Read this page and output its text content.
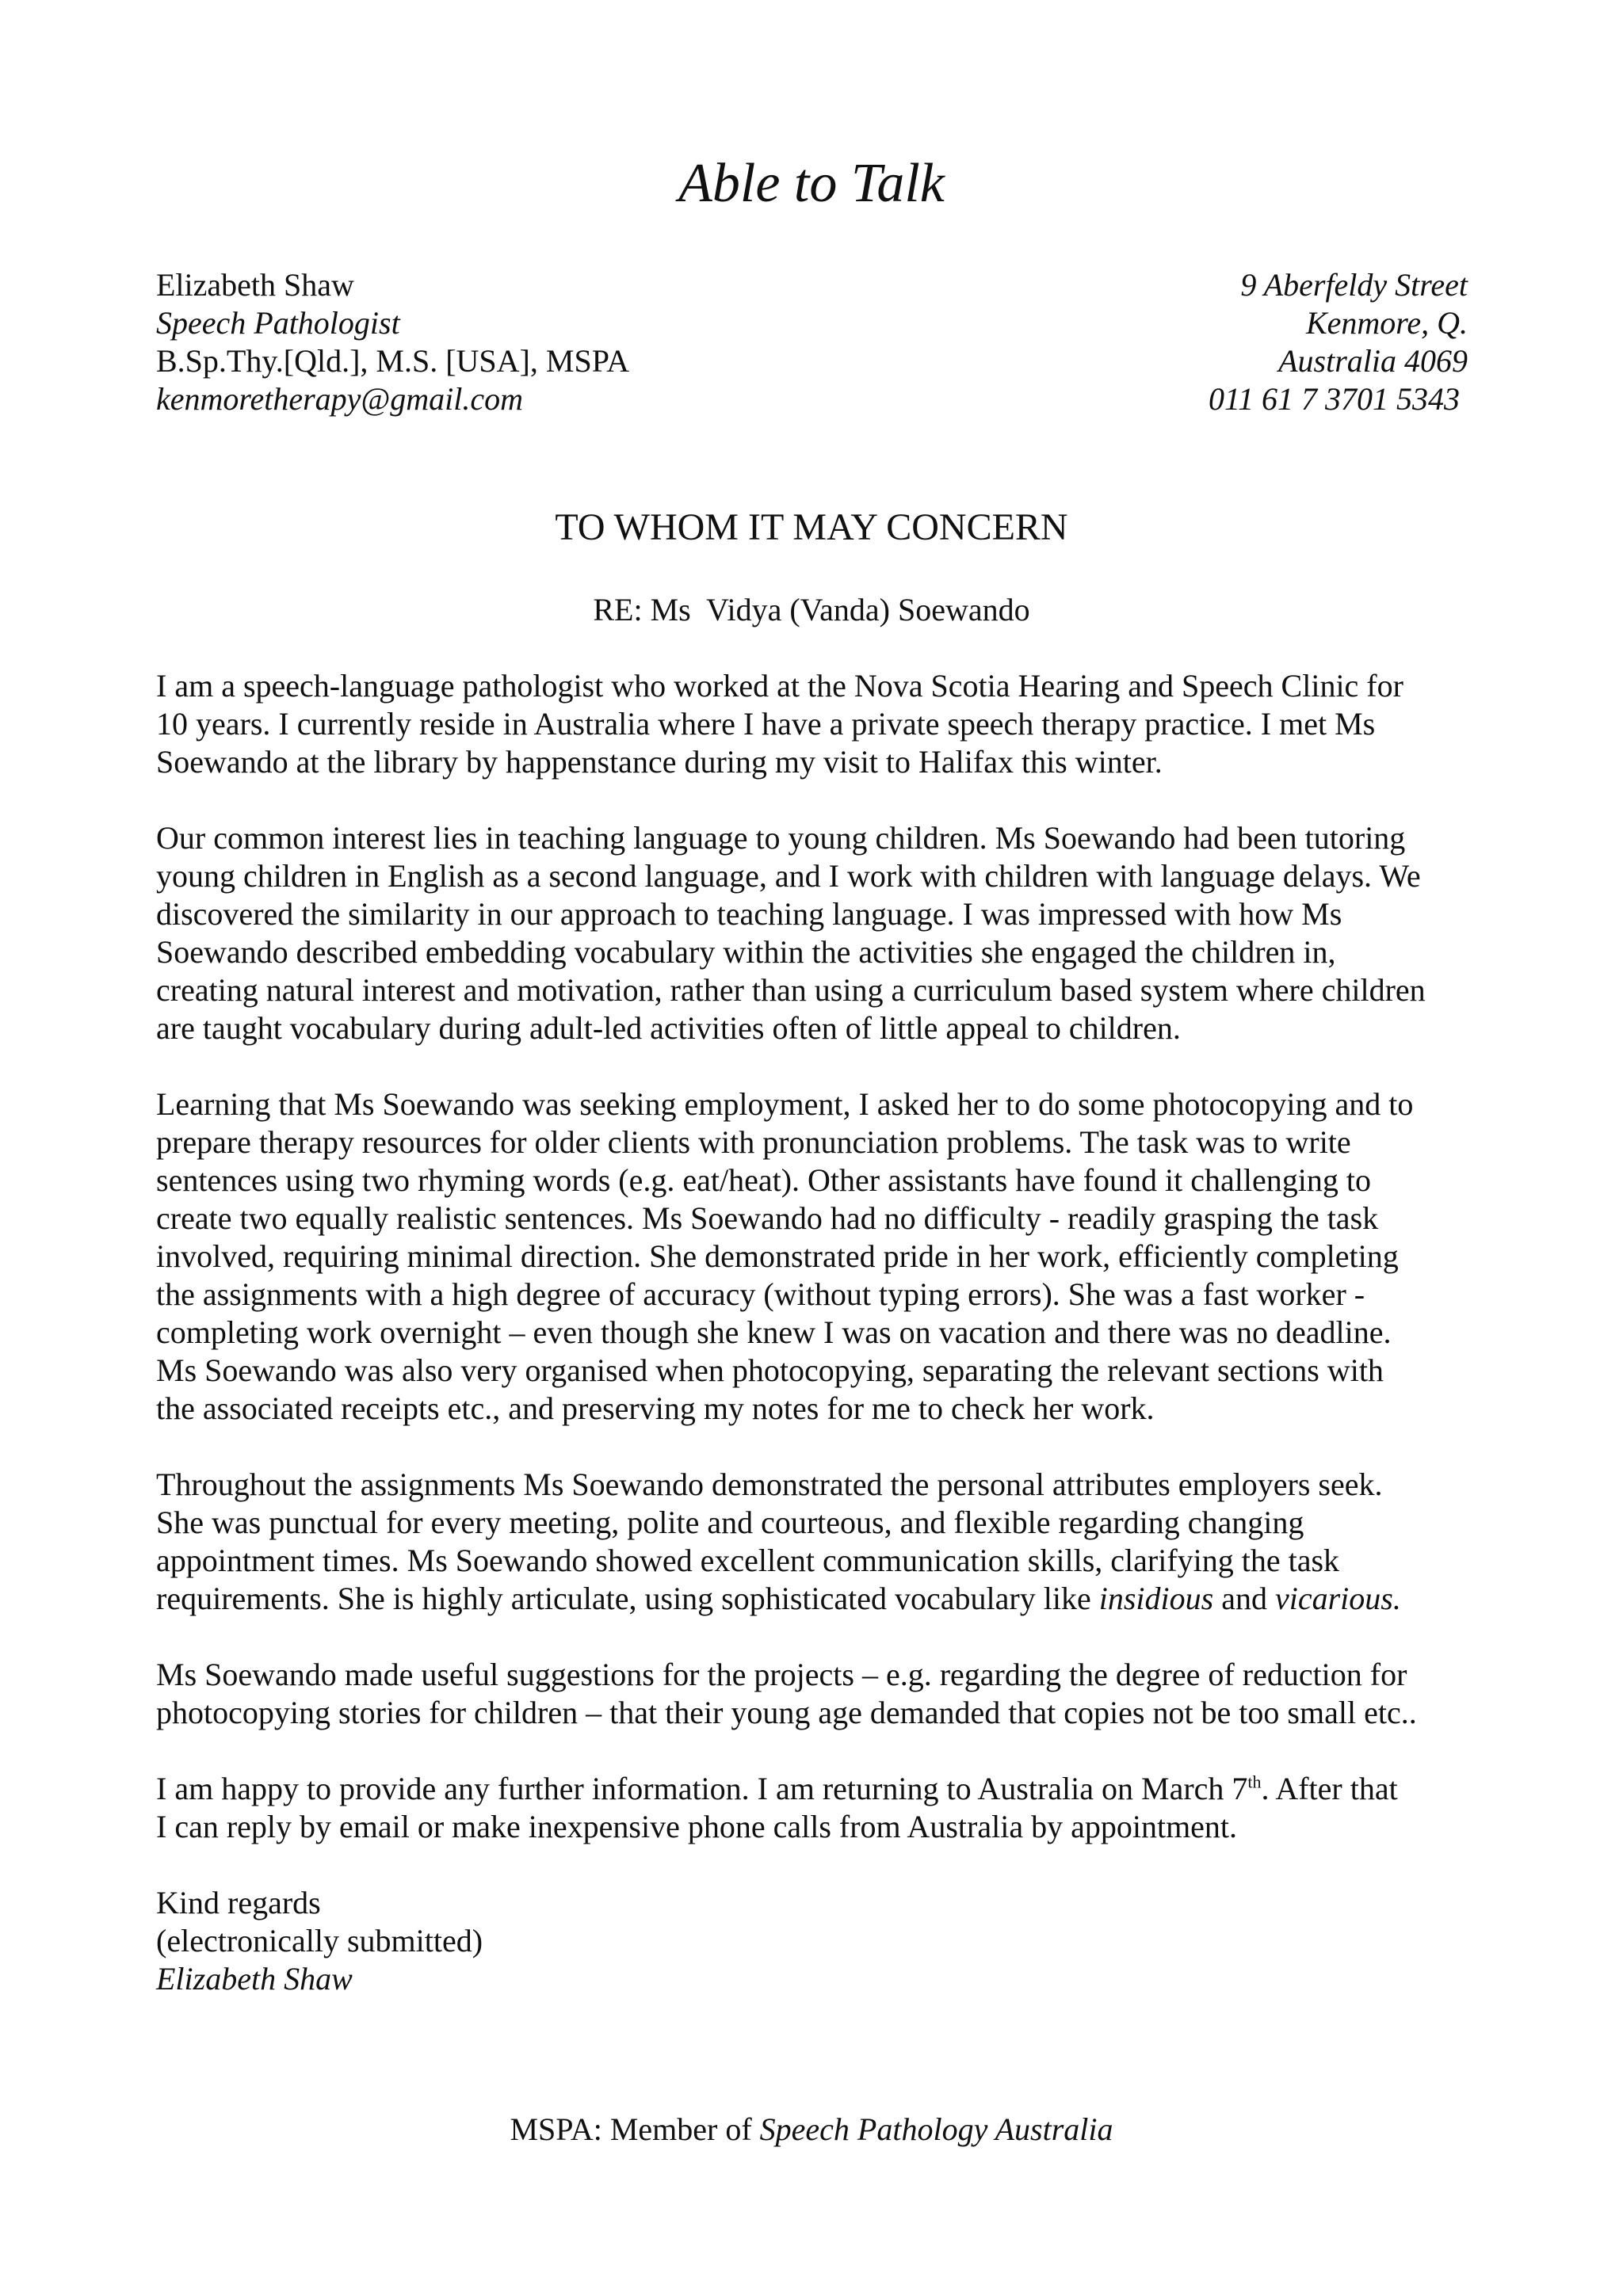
Able to Talk
Elizabeth Shaw
Speech Pathologist
B.Sp.Thy.[Qld.], M.S. [USA], MSPA
kenmoretherapy@gmail.com
9 Aberfeldy Street
Kenmore, Q.
Australia 4069
011 61 7 3701 5343
TO WHOM IT MAY CONCERN
RE: Ms  Vidya (Vanda) Soewando
I am a speech-language pathologist who worked at the Nova Scotia Hearing and Speech Clinic for
10 years. I currently reside in Australia where I have a private speech therapy practice. I met Ms
Soewando at the library by happenstance during my visit to Halifax this winter.
Our common interest lies in teaching language to young children. Ms Soewando had been tutoring
young children in English as a second language, and I work with children with language delays. We
discovered the similarity in our approach to teaching language. I was impressed with how Ms
Soewando described embedding vocabulary within the activities she engaged the children in,
creating natural interest and motivation, rather than using a curriculum based system where children
are taught vocabulary during adult-led activities often of little appeal to children.
Learning that Ms Soewando was seeking employment, I asked her to do some photocopying and to
prepare therapy resources for older clients with pronunciation problems. The task was to write
sentences using two rhyming words (e.g. eat/heat). Other assistants have found it challenging to
create two equally realistic sentences. Ms Soewando had no difficulty - readily grasping the task
involved, requiring minimal direction. She demonstrated pride in her work, efficiently completing
the assignments with a high degree of accuracy (without typing errors). She was a fast worker -
completing work overnight – even though she knew I was on vacation and there was no deadline.
Ms Soewando was also very organised when photocopying, separating the relevant sections with
the associated receipts etc., and preserving my notes for me to check her work.
Throughout the assignments Ms Soewando demonstrated the personal attributes employers seek.
She was punctual for every meeting, polite and courteous, and flexible regarding changing
appointment times. Ms Soewando showed excellent communication skills, clarifying the task
requirements. She is highly articulate, using sophisticated vocabulary like insidious and vicarious.
Ms Soewando made useful suggestions for the projects – e.g. regarding the degree of reduction for
photocopying stories for children – that their young age demanded that copies not be too small etc..
I am happy to provide any further information. I am returning to Australia on March 7th. After that
I can reply by email or make inexpensive phone calls from Australia by appointment.
Kind regards
(electronically submitted)
Elizabeth Shaw
MSPA: Member of Speech Pathology Australia
